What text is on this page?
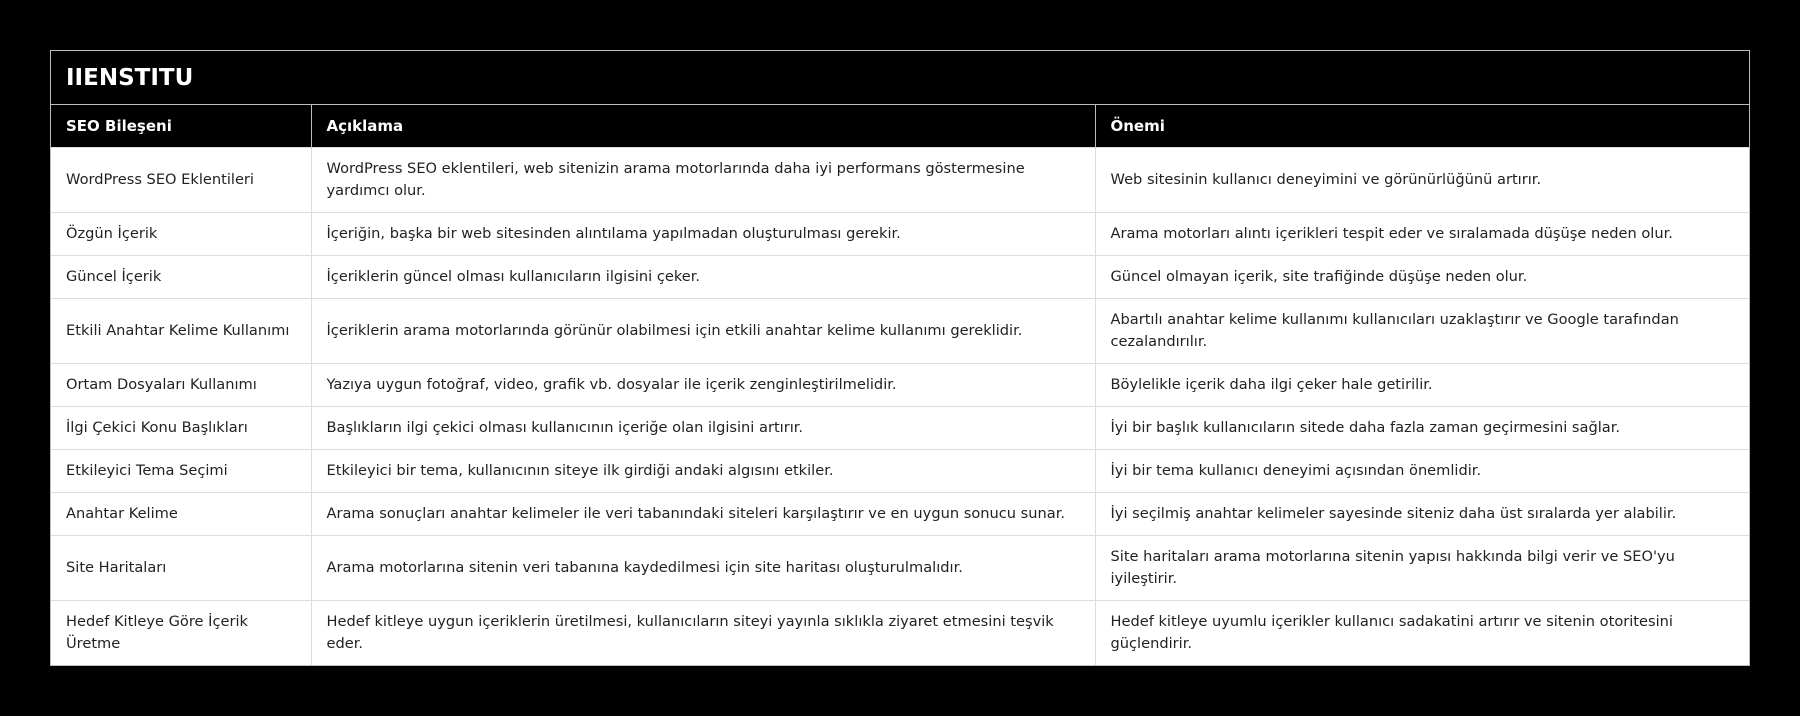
IIENSTITU
SEO Bileşeni	Açıklama	Önemi
WordPress SEO Eklentileri	WordPress SEO eklentileri, web sitenizin arama motorlarında daha iyi performans göstermesine yardımcı olur.	Web sitesinin kullanıcı deneyimini ve görünürlüğünü artırır.
Özgün İçerik	İçeriğin, başka bir web sitesinden alıntılama yapılmadan oluşturulması gerekir.	Arama motorları alıntı içerikleri tespit eder ve sıralamada düşüşe neden olur.
Güncel İçerik	İçeriklerin güncel olması kullanıcıların ilgisini çeker.	Güncel olmayan içerik, site trafiğinde düşüşe neden olur.
Etkili Anahtar Kelime Kullanımı	İçeriklerin arama motorlarında görünür olabilmesi için etkili anahtar kelime kullanımı gereklidir.	Abartılı anahtar kelime kullanımı kullanıcıları uzaklaştırır ve Google tarafından cezalandırılır.
Ortam Dosyaları Kullanımı	Yazıya uygun fotoğraf, video, grafik vb. dosyalar ile içerik zenginleştirilmelidir.	Böylelikle içerik daha ilgi çeker hale getirilir.
İlgi Çekici Konu Başlıkları	Başlıkların ilgi çekici olması kullanıcının içeriğe olan ilgisini artırır.	İyi bir başlık kullanıcıların sitede daha fazla zaman geçirmesini sağlar.
Etkileyici Tema Seçimi	Etkileyici bir tema, kullanıcının siteye ilk girdiği andaki algısını etkiler.	İyi bir tema kullanıcı deneyimi açısından önemlidir.
Anahtar Kelime	Arama sonuçları anahtar kelimeler ile veri tabanındaki siteleri karşılaştırır ve en uygun sonucu sunar.	İyi seçilmiş anahtar kelimeler sayesinde siteniz daha üst sıralarda yer alabilir.
Site Haritaları	Arama motorlarına sitenin veri tabanına kaydedilmesi için site haritası oluşturulmalıdır.	Site haritaları arama motorlarına sitenin yapısı hakkında bilgi verir ve SEO'yu iyileştirir.
Hedef Kitleye Göre İçerik Üretme	Hedef kitleye uygun içeriklerin üretilmesi, kullanıcıların siteyi yayınla sıklıkla ziyaret etmesini teşvik eder.	Hedef kitleye uyumlu içerikler kullanıcı sadakatini artırır ve sitenin otoritesini güçlendirir.
